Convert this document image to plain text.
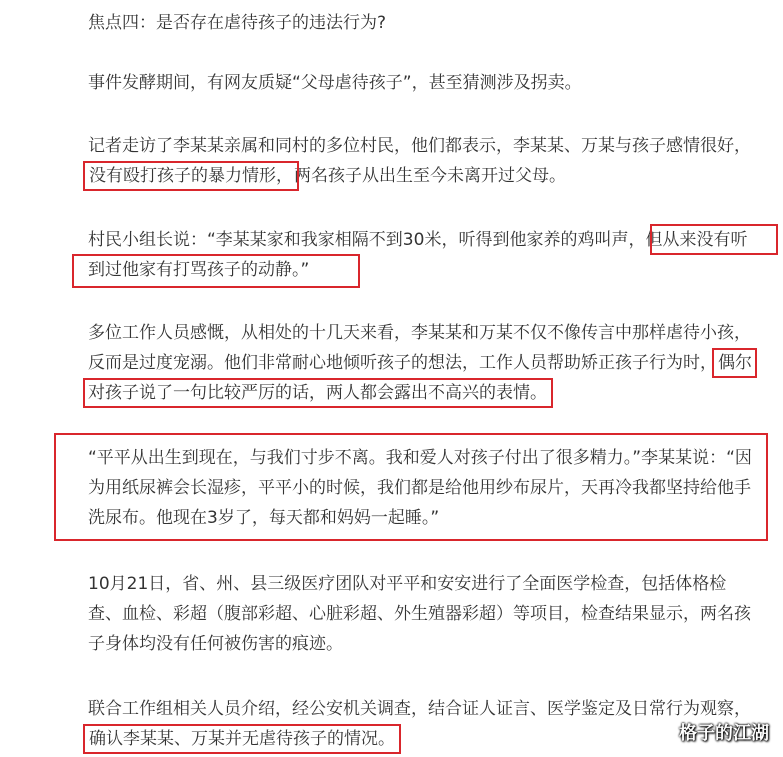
焦点四：是否存在虐待孩子的违法行为?

事件发酵期间，有网友质疑“父母虐待孩子”，甚至猜测涉及拐卖。

记者走访了李某某亲属和同村的多位村民，他们都表示，李某某、万某与孩子感情很好，没有殴打孩子的暴力情形，两名孩子从出生至今未离开过父母。

村民小组长说：“李某某家和我家相隔不到30米，听得到他家养的鸡叫声，但从来没有听
到过他家有打骂孩子的动静。”

多位工作人员感慨，从相处的十几天来看，李某某和万某不仅不像传言中那样虐待小孩，反而是过度宠溺。他们非常耐心地倾听孩子的想法，工作人员帮助矫正孩子行为时，偶尔对孩子说了一句比较严厉的话，两人都会露出不高兴的表情。

“平平从出生到现在，与我们寸步不离。我和爱人对孩子付出了很多精力。”李某某说：“因为用纸尿裤会长湿疹，平平小的时候，我们都是给他用纱布尿片，天再冷我都坚持给他手洗尿布。他现在3岁了，每天都和妈妈一起睡。”

10月21日，省、州、县三级医疗团队对平平和安安进行了全面医学检查，包括体格检查、血检、彩超（腹部彩超、心脏彩超、外生殖器彩超）等项目，检查结果显示，两名孩子身体均没有任何被伤害的痕迹。

联合工作组相关人员介绍，经公安机关调查，结合证人证言、医学鉴定及日常行为观察，确认李某某、万某并无虐待孩子的情况。	格子的江湖
